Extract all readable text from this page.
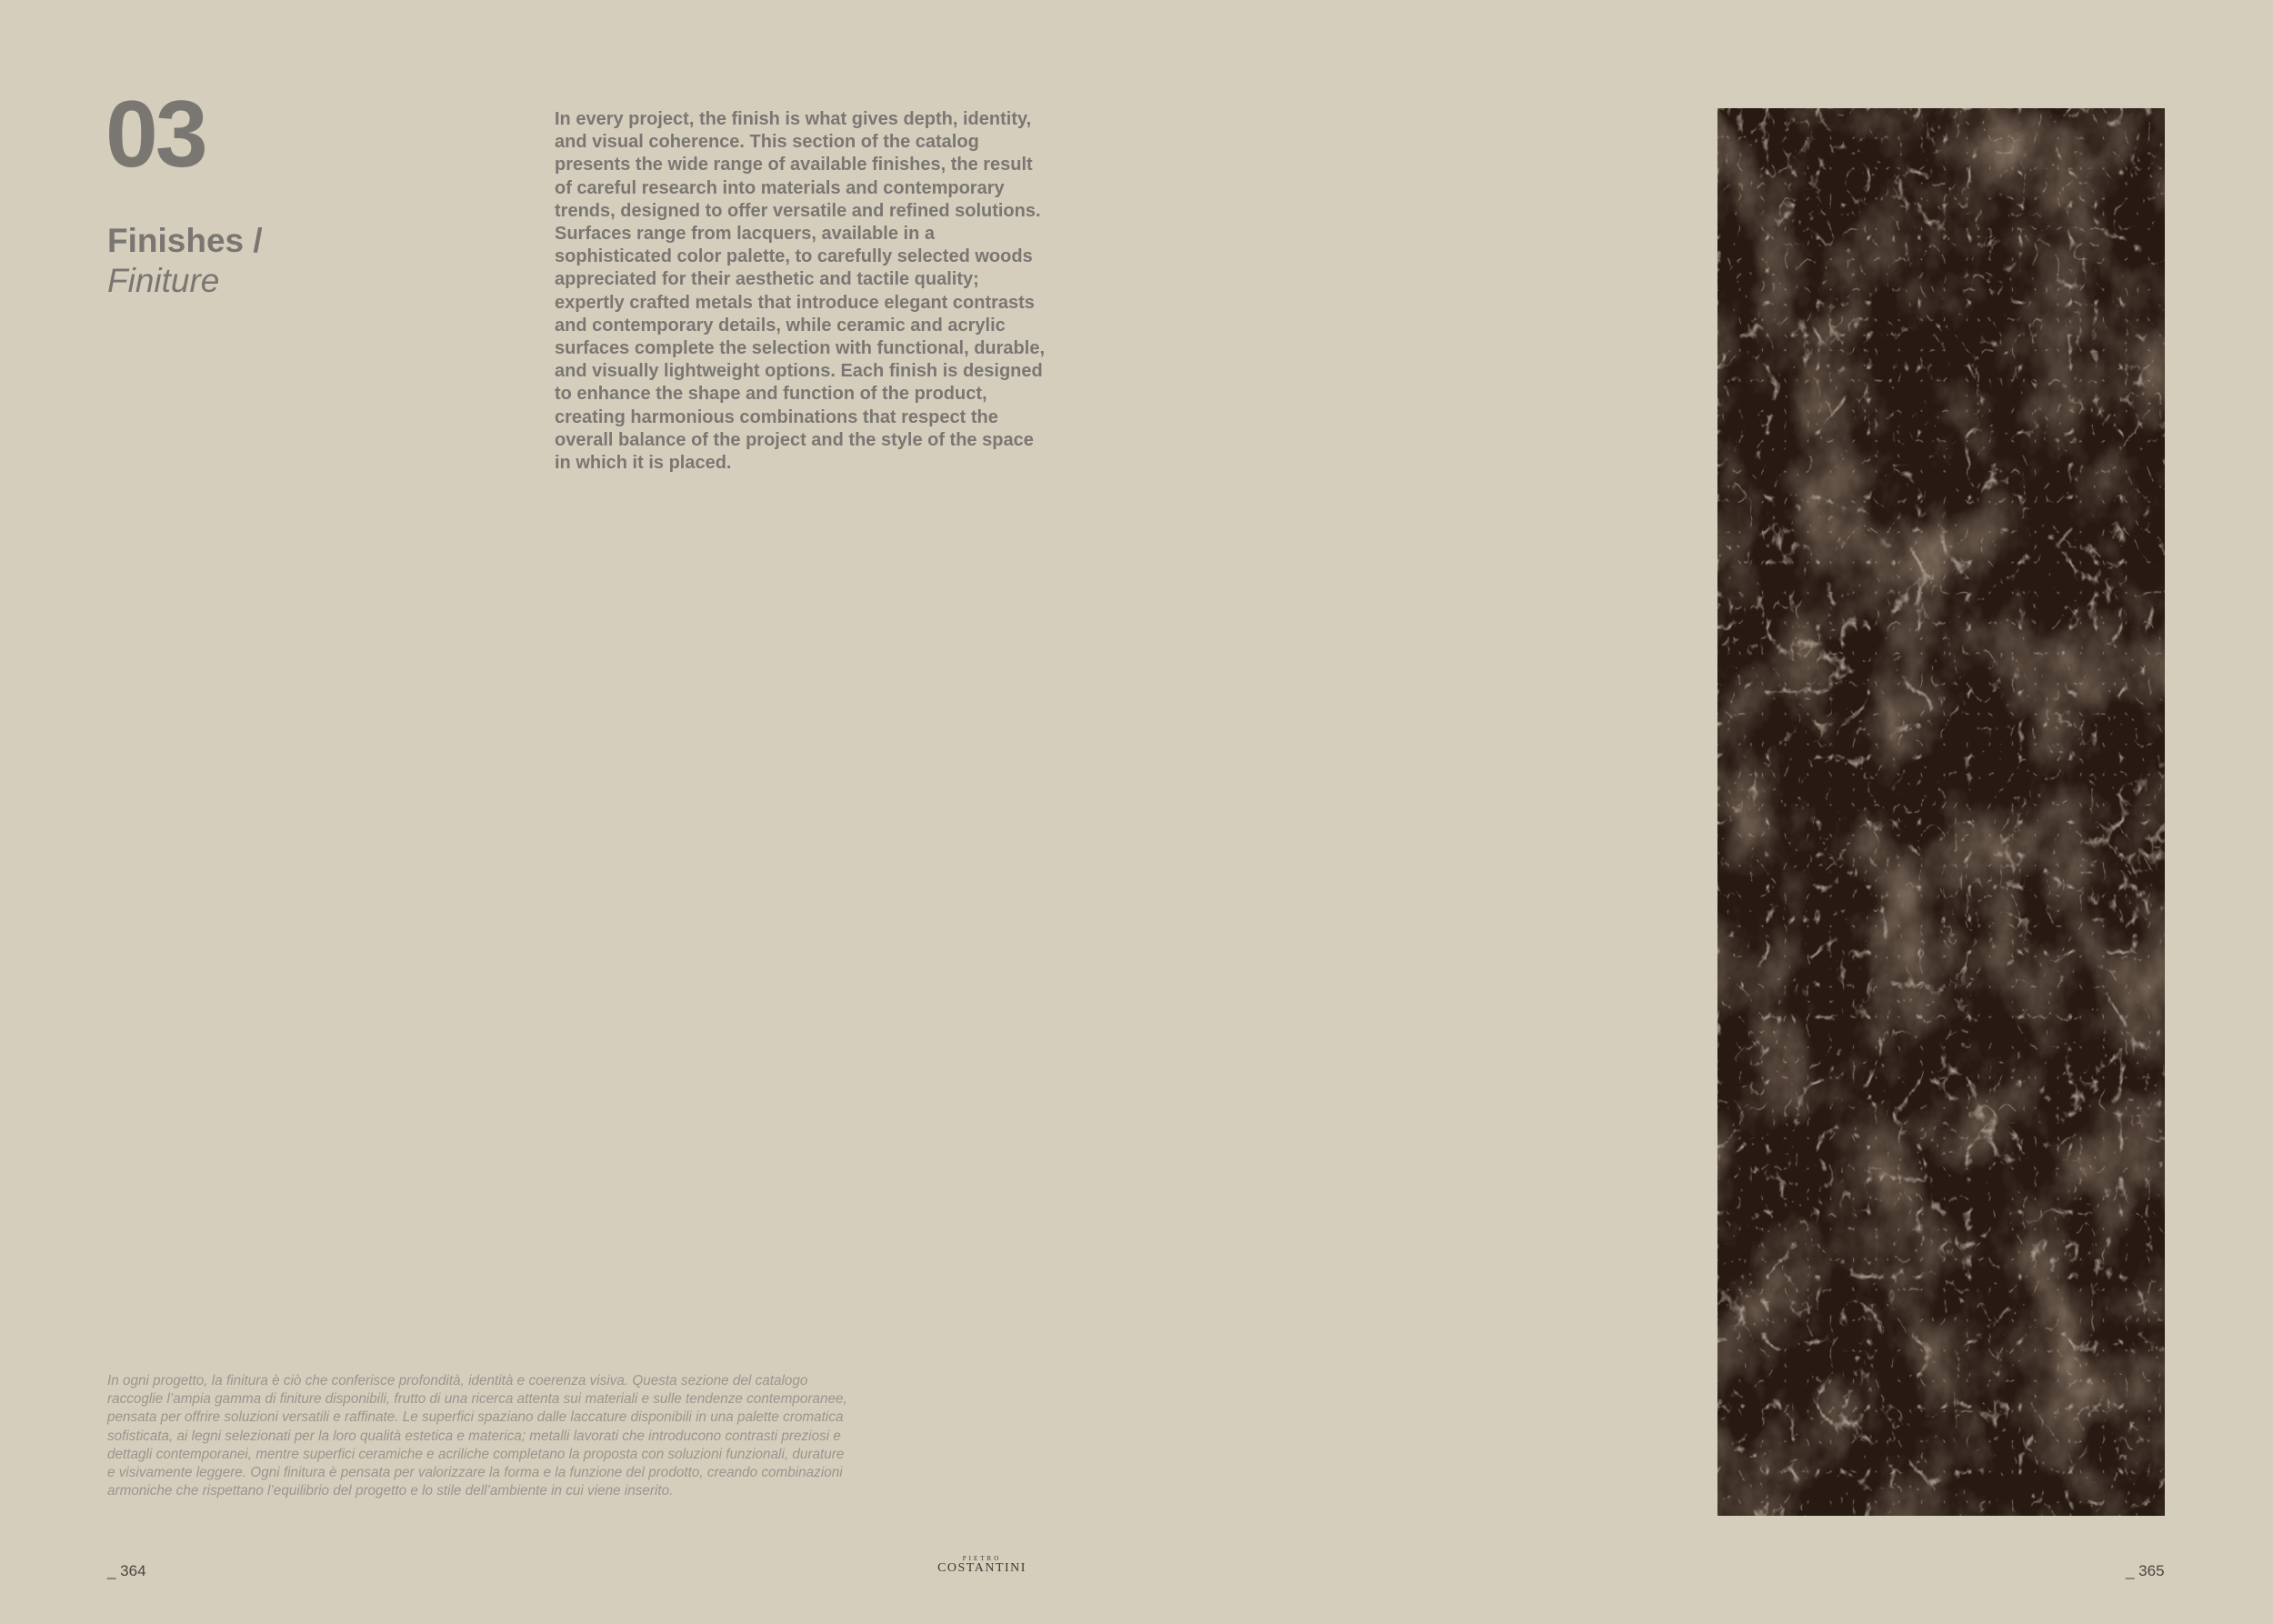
03
Finishes /
Finiture

In every project, the finish is what gives depth, identity, and visual coherence. This section of the catalog presents the wide range of available finishes, the result of careful research into materials and contemporary trends, designed to offer versatile and refined solutions. Surfaces range from lacquers, available in a sophisticated color palette, to carefully selected woods appreciated for their aesthetic and tactile quality; expertly crafted metals that introduce elegant contrasts and contemporary details, while ceramic and acrylic surfaces complete the selection with functional, durable, and visually lightweight options. Each finish is designed to enhance the shape and function of the product, creating harmonious combinations that respect the overall balance of the project and the style of the space in which it is placed.

In ogni progetto, la finitura è ciò che conferisce profondità, identità e coerenza visiva. Questa sezione del catalogo raccoglie l’ampia gamma di finiture disponibili, frutto di una ricerca attenta sui materiali e sulle tendenze contemporanee, pensata per offrire soluzioni versatili e raffinate. Le superfici spaziano dalle laccature disponibili in una palette cromatica sofisticata, ai legni selezionati per la loro qualità estetica e materica; metalli lavorati che introducono contrasti preziosi e dettagli contemporanei, mentre superfici ceramiche e acriliche completano la proposta con soluzioni funzionali, durature e visivamente leggere. Ogni finitura è pensata per valorizzare la forma e la funzione del prodotto, creando combinazioni armoniche che rispettano l’equilibrio del progetto e lo stile dell’ambiente in cui viene inserito.

_ 364
PIETRO
COSTANTINI	_ 365
